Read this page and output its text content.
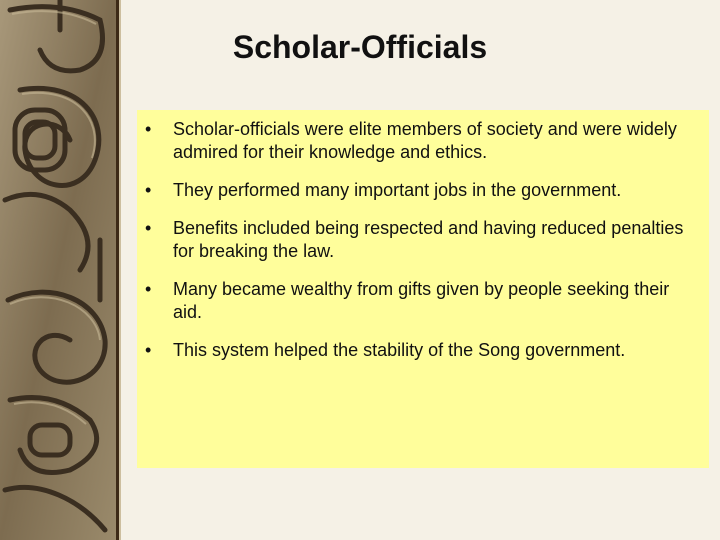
Scholar-Officials
• Scholar-officials were elite members of society and were widely admired for their knowledge and ethics.
• They performed many important jobs in the government.
• Benefits included being respected and having reduced penalties for breaking the law.
• Many became wealthy from gifts given by people seeking their aid.
• This system helped the stability of the Song government.
